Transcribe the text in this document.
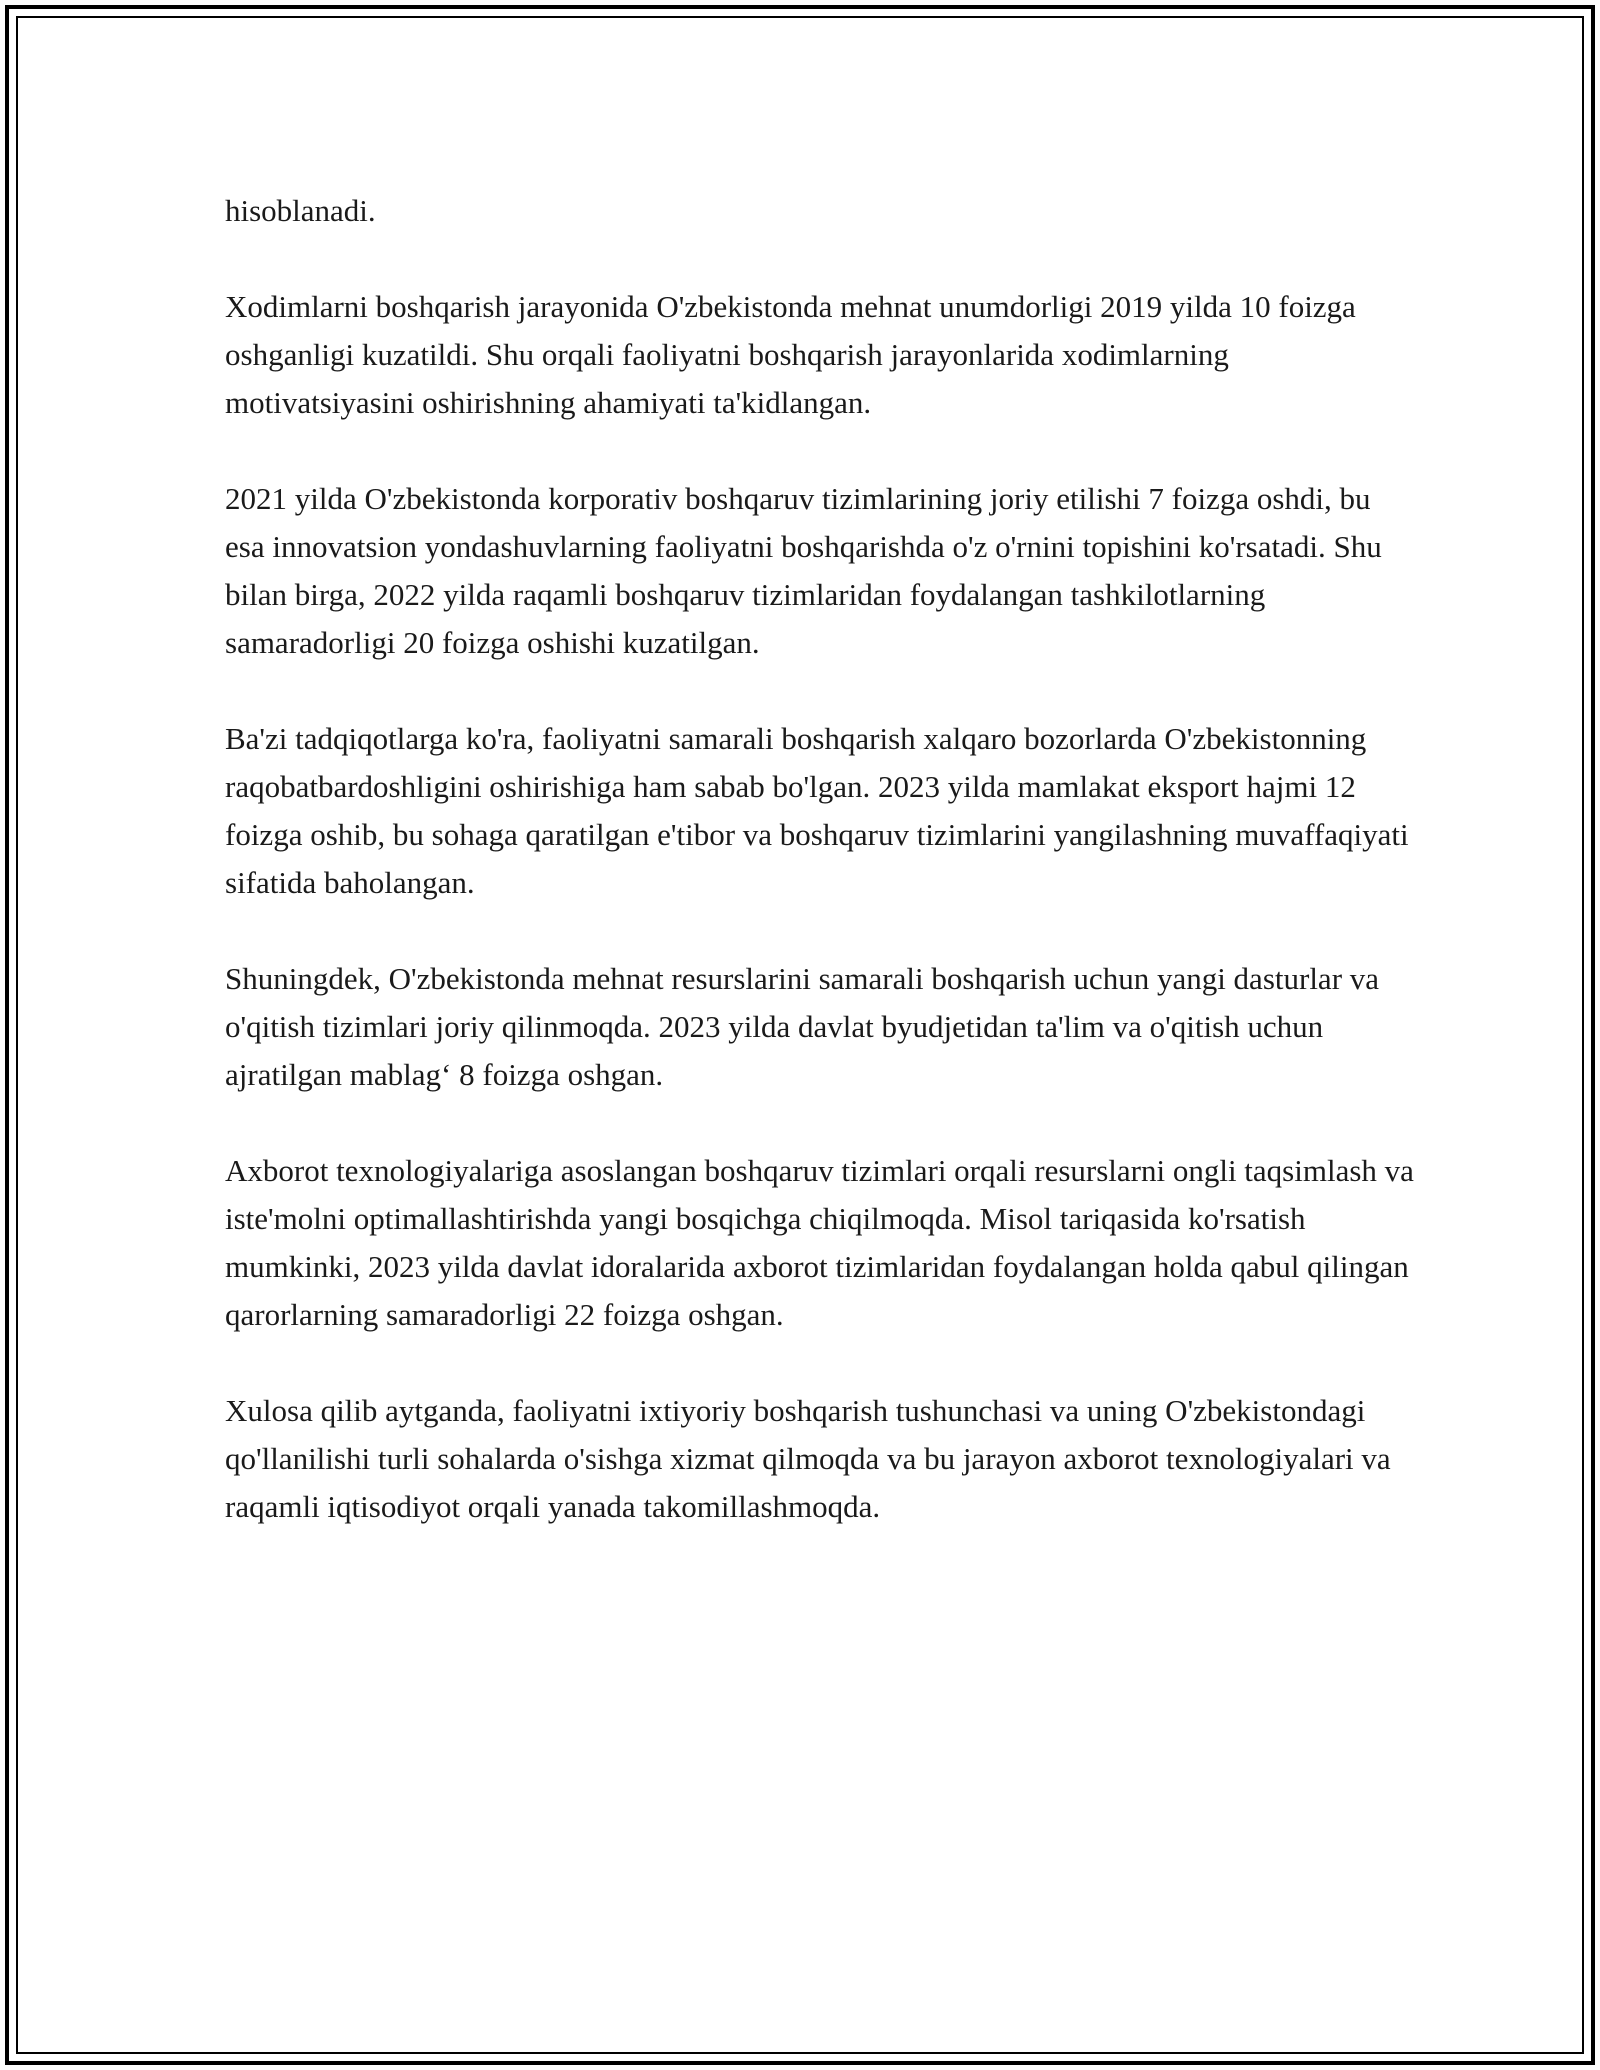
hisoblanadi.

Xodimlarni boshqarish jarayonida O'zbekistonda mehnat unumdorligi 2019 yilda 10 foizga oshganligi kuzatildi. Shu orqali faoliyatni boshqarish jarayonlarida xodimlarning motivatsiyasini oshirishning ahamiyati ta'kidlangan.

2021 yilda O'zbekistonda korporativ boshqaruv tizimlarining joriy etilishi 7 foizga oshdi, bu esa innovatsion yondashuvlarning faoliyatni boshqarishda o'z o'rnini topishini ko'rsatadi. Shu bilan birga, 2022 yilda raqamli boshqaruv tizimlaridan foydalangan tashkilotlarning samaradorligi 20 foizga oshishi kuzatilgan.

Ba'zi tadqiqotlarga ko'ra, faoliyatni samarali boshqarish xalqaro bozorlarda O'zbekistonning raqobatbardoshligini oshirishiga ham sabab bo'lgan. 2023 yilda mamlakat eksport hajmi 12 foizga oshib, bu sohaga qaratilgan e'tibor va boshqaruv tizimlarini yangilashning muvaffaqiyati sifatida baholangan.

Shuningdek, O'zbekistonda mehnat resurslarini samarali boshqarish uchun yangi dasturlar va o'qitish tizimlari joriy qilinmoqda. 2023 yilda davlat byudjetidan ta'lim va o'qitish uchun ajratilgan mablag‘ 8 foizga oshgan.

Axborot texnologiyalariga asoslangan boshqaruv tizimlari orqali resurslarni ongli taqsimlash va iste'molni optimallashtirishda yangi bosqichga chiqilmoqda. Misol tariqasida ko'rsatish mumkinki, 2023 yilda davlat idoralarida axborot tizimlaridan foydalangan holda qabul qilingan qarorlarning samaradorligi 22 foizga oshgan.

Xulosa qilib aytganda, faoliyatni ixtiyoriy boshqarish tushunchasi va uning O'zbekistondagi qo'llanilishi turli sohalarda o'sishga xizmat qilmoqda va bu jarayon axborot texnologiyalari va raqamli iqtisodiyot orqali yanada takomillashmoqda.
